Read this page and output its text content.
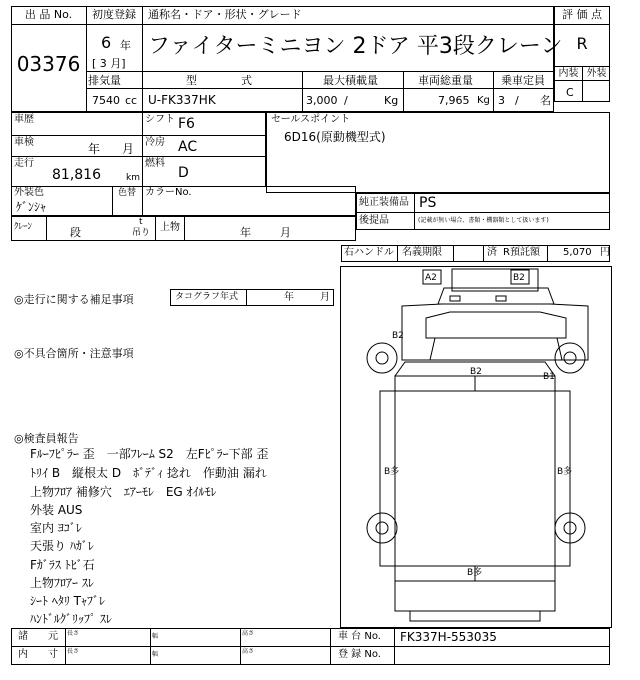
出 品 No.
03376
初度登録
6 年
[ 3 月]
通称名・ドア・形状・グレード
ファイターミニヨン 2ドア 平3段クレーン
排気量
7540 cc
型　　　　式
U-FK337HK
最大積載量
3,000 /	Kg
車両総重量
7,965 Kg
乗車定員
3 / 名
評 価 点
R
内装 外装
C
車歴	シフト F6
車検	年 月 冷房 AC
走行
81,816	km
燃料
D
セールスポイント
6D16(原動機型式)
外装色
ｹﾞﾝｼｬ
色替 カラーNo.
純正装備品 PS
後提品	(記載が無い場合、書類・機器類として扱います)
ｸﾚｰﾝ	段
t
吊り 上物	年	月
右ハンドル 名義期限	済 R預託額 5,070 円
◎走行に関する補足事項	タコグラフ年式	年	月
◎不具合箇所・注意事項
◎検査員報告
Fﾙｰﾌﾋﾟﾗｰ 歪　一部ﾌﾚｰﾑ S2　左Fﾋﾟﾗｰ下部 歪
ﾄﾘｲ B　縦根太 D　ﾎﾞﾃﾞｨ 捻れ　作動油 漏れ
上物ﾌﾛｱ 補修穴　ｴｱｰﾓﾚ　EG ｵｲﾙﾓﾚ
外装 AUS
室内 ﾖｺﾞﾚ
天張り ﾊｶﾞﾚ
Fｶﾞﾗｽ ﾄﾋﾞ石
上物ﾌﾛｱｰ ｽﾚ
ｼｰﾄ ﾍﾀﾘ Tｬﾌﾞﾚ
ﾊﾝﾄﾞﾙｸﾞﾘｯﾌﾟ ｽﾚ
A2	B2
B2
B2	B1
B多	B多
B多
諸　　元 長さ	幅	高さ
内　　寸 長さ	幅	高さ
車 台 No. FK337H-553035
登 録 No.
